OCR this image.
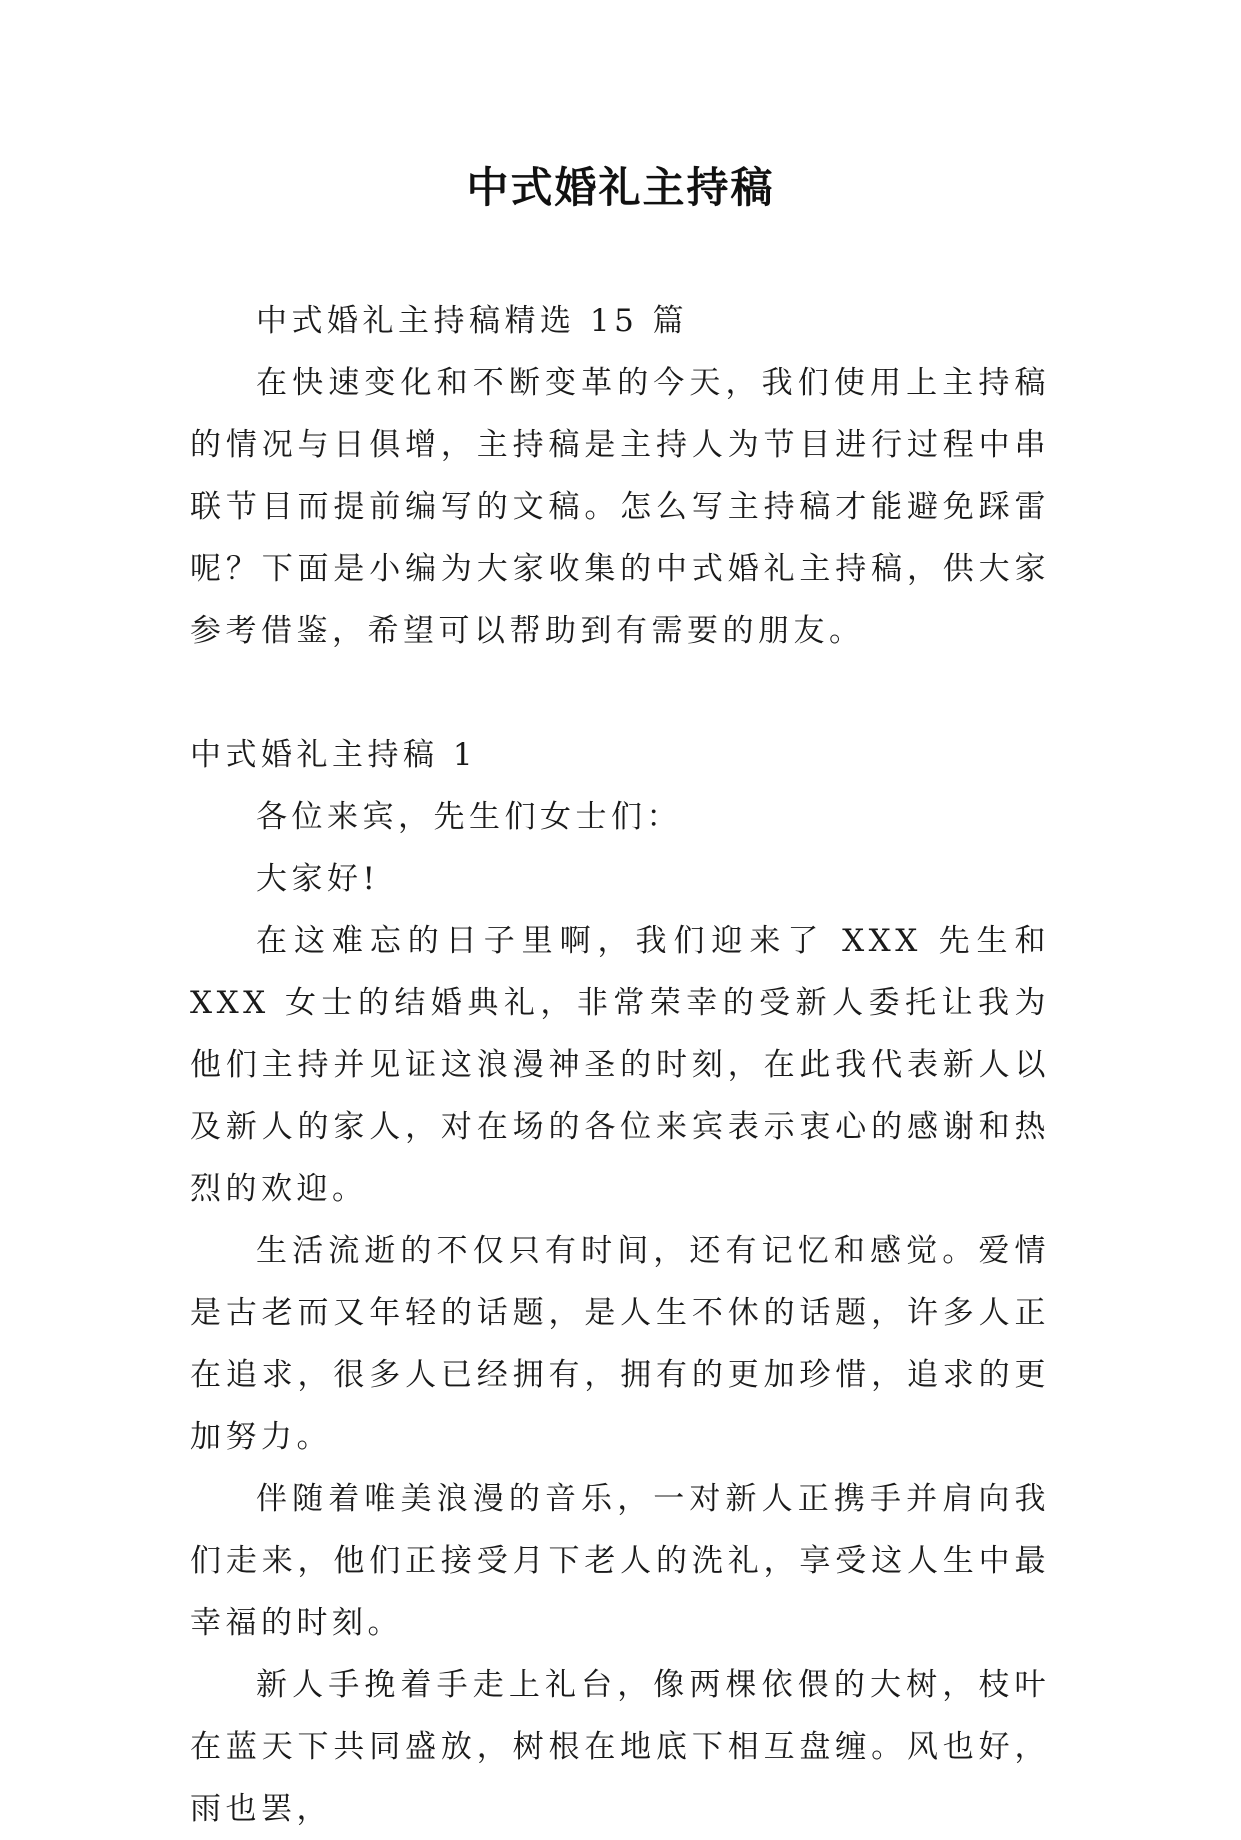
中式婚礼主持稿

中式婚礼主持稿精选 15 篇

在快速变化和不断变革的今天，我们使用上主持稿的情况与日俱增，主持稿是主持人为节目进行过程中串联节目而提前编写的文稿。怎么写主持稿才能避免踩雷呢？下面是小编为大家收集的中式婚礼主持稿，供大家参考借鉴，希望可以帮助到有需要的朋友。

中式婚礼主持稿 1

各位来宾，先生们女士们：

大家好!

在这难忘的日子里啊，我们迎来了 XXX 先生和 XXX 女士的结婚典礼，非常荣幸的受新人委托让我为他们主持并见证这浪漫神圣的时刻，在此我代表新人以及新人的家人，对在场的各位来宾表示衷心的感谢和热烈的欢迎。

生活流逝的不仅只有时间，还有记忆和感觉。爱情是古老而又年轻的话题，是人生不休的话题，许多人正在追求，很多人已经拥有，拥有的更加珍惜，追求的更加努力。

伴随着唯美浪漫的音乐，一对新人正携手并肩向我们走来，他们正接受月下老人的洗礼，享受这人生中最幸福的时刻。

新人手挽着手走上礼台，像两棵依偎的大树，枝叶在蓝天下共同盛放，树根在地底下相互盘缠。风也好，雨也罢，
